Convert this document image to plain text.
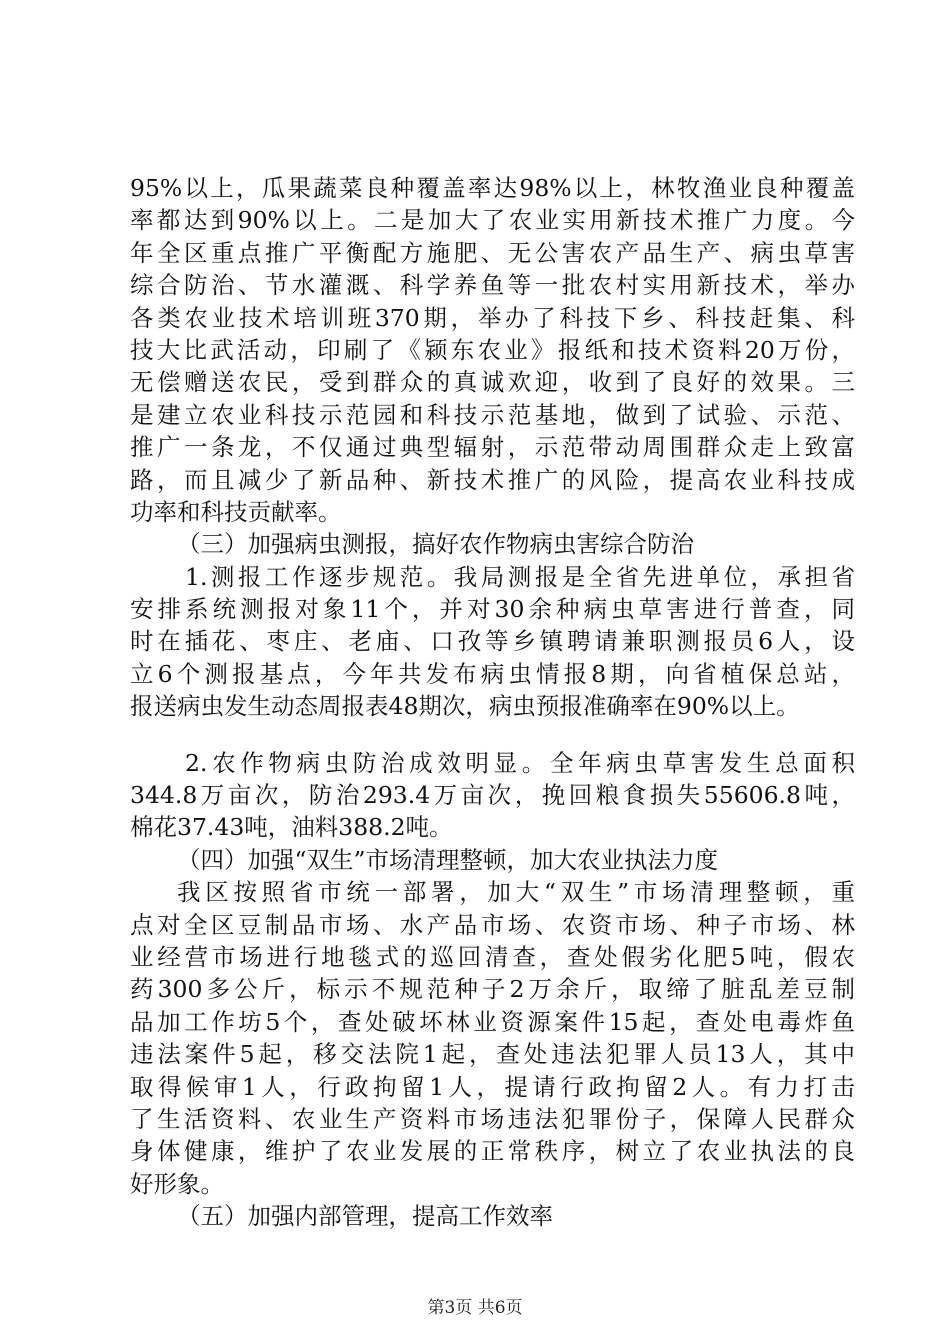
95%以上，瓜果蔬菜良种覆盖率达98%以上，林牧渔业良种覆盖
率都达到90%以上。二是加大了农业实用新技术推广力度。今
年全区重点推广平衡配方施肥、无公害农产品生产、病虫草害
综合防治、节水灌溉、科学养鱼等一批农村实用新技术，举办
各类农业技术培训班370期，举办了科技下乡、科技赶集、科
技大比武活动，印刷了《颍东农业》报纸和技术资料20万份，
无偿赠送农民，受到群众的真诚欢迎，收到了良好的效果。三
是建立农业科技示范园和科技示范基地，做到了试验、示范、
推广一条龙，不仅通过典型辐射，示范带动周围群众走上致富
路，而且减少了新品种、新技术推广的风险，提高农业科技成
功率和科技贡献率。
（三）加强病虫测报，搞好农作物病虫害综合防治
1.测报工作逐步规范。我局测报是全省先进单位，承担省
安排系统测报对象11个，并对30余种病虫草害进行普查，同
时在插花、枣庄、老庙、口孜等乡镇聘请兼职测报员6人，设
立6个测报基点，今年共发布病虫情报8期，向省植保总站，
报送病虫发生动态周报表48期次，病虫预报准确率在90%以上。
2.农作物病虫防治成效明显。全年病虫草害发生总面积
344.8万亩次，防治293.4万亩次，挽回粮食损失55606.8吨，
棉花37.43吨，油料388.2吨。
（四）加强“双生”市场清理整顿，加大农业执法力度
我区按照省市统一部署，加大“双生”市场清理整顿，重
点对全区豆制品市场、水产品市场、农资市场、种子市场、林
业经营市场进行地毯式的巡回清查，查处假劣化肥5吨，假农
药300多公斤，标示不规范种子2万余斤，取缔了脏乱差豆制
品加工作坊5个，查处破坏林业资源案件15起，查处电毒炸鱼
违法案件5起，移交法院1起，查处违法犯罪人员13人，其中
取得候审1人，行政拘留1人，提请行政拘留2人。有力打击
了生活资料、农业生产资料市场违法犯罪份子，保障人民群众
身体健康，维护了农业发展的正常秩序，树立了农业执法的良
好形象。
（五）加强内部管理，提高工作效率
第3页 共6页
